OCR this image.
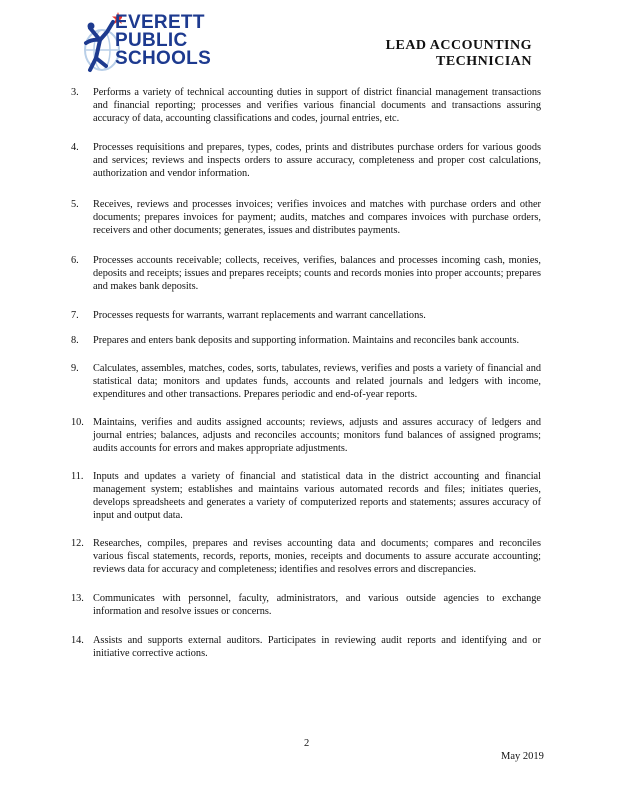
EVERETT
PUBLIC
SCHOOLS
LEAD ACCOUNTING
TECHNICIAN
3. Performs a variety of technical accounting duties in support of district financial management transactions and financial reporting; processes and verifies various financial documents and transactions assuring accuracy of data, accounting classifications and codes, journal entries, etc.
4. Processes requisitions and prepares, types, codes, prints and distributes purchase orders for various goods and services; reviews and inspects orders to assure accuracy, completeness and proper cost calculations, authorization and vendor information.
5. Receives, reviews and processes invoices; verifies invoices and matches with purchase orders and other documents; prepares invoices for payment; audits, matches and compares invoices with purchase orders, receivers and other documents; generates, issues and distributes payments.
6. Processes accounts receivable; collects, receives, verifies, balances and processes incoming cash, monies, deposits and receipts; issues and prepares receipts; counts and records monies into proper accounts; prepares and makes bank deposits.
7. Processes requests for warrants, warrant replacements and warrant cancellations.
8. Prepares and enters bank deposits and supporting information. Maintains and reconciles bank accounts.
9. Calculates, assembles, matches, codes, sorts, tabulates, reviews, verifies and posts a variety of financial and statistical data; monitors and updates funds, accounts and related journals and ledgers with income, expenditures and other transactions. Prepares periodic and end-of-year reports.
10. Maintains, verifies and audits assigned accounts; reviews, adjusts and assures accuracy of ledgers and journal entries; balances, adjusts and reconciles accounts; monitors fund balances of assigned programs; audits accounts for errors and makes appropriate adjustments.
11. Inputs and updates a variety of financial and statistical data in the district accounting and financial management system; establishes and maintains various automated records and files; initiates queries, develops spreadsheets and generates a variety of computerized reports and statements; assures accuracy of input and output data.
12. Researches, compiles, prepares and revises accounting data and documents; compares and reconciles various fiscal statements, records, reports, monies, receipts and documents to assure accurate accounting; reviews data for accuracy and completeness; identifies and resolves errors and discrepancies.
13. Communicates with personnel, faculty, administrators, and various outside agencies to exchange information and resolve issues or concerns.
14. Assists and supports external auditors. Participates in reviewing audit reports and identifying and or initiative corrective actions.
2
May 2019
